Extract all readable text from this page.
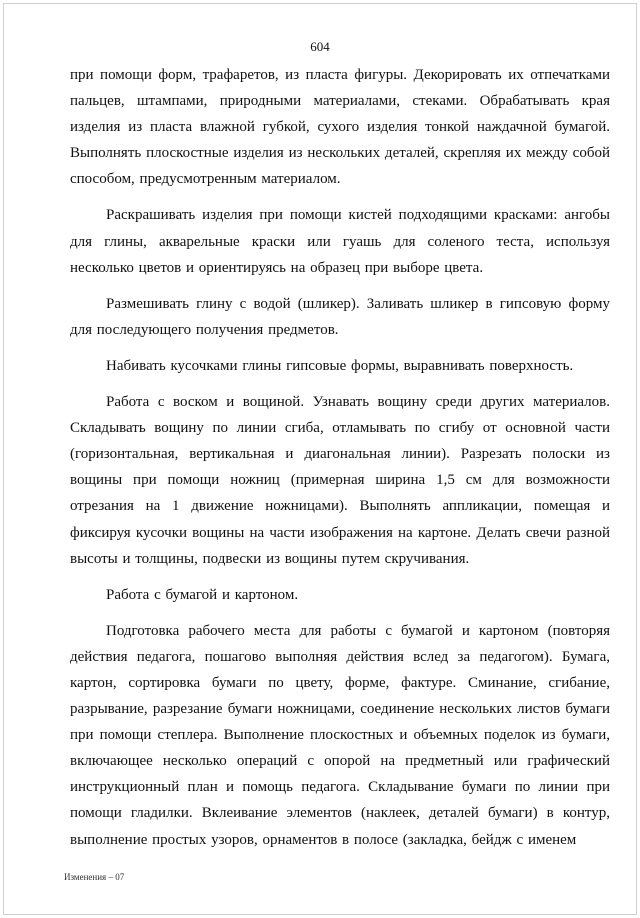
604

при помощи форм, трафаретов, из пласта фигуры. Декорировать их отпечатками пальцев, штампами, природными материалами, стеками. Обрабатывать края изделия из пласта влажной губкой, сухого изделия тонкой наждачной бумагой. Выполнять плоскостные изделия из нескольких деталей, скрепляя их между собой способом, предусмотренным материалом.

Раскрашивать изделия при помощи кистей подходящими красками: ангобы для глины, акварельные краски или гуашь для соленого теста, используя несколько цветов и ориентируясь на образец при выборе цвета.

Размешивать глину с водой (шликер). Заливать шликер в гипсовую форму для последующего получения предметов.

Набивать кусочками глины гипсовые формы, выравнивать поверхность.

Работа с воском и вощиной. Узнавать вощину среди других материалов. Складывать вощину по линии сгиба, отламывать по сгибу от основной части (горизонтальная, вертикальная и диагональная линии). Разрезать полоски из вощины при помощи ножниц (примерная ширина 1,5 см для возможности отрезания на 1 движение ножницами). Выполнять аппликации, помещая и фиксируя кусочки вощины на части изображения на картоне. Делать свечи разной высоты и толщины, подвески из вощины путем скручивания.

Работа с бумагой и картоном.

Подготовка рабочего места для работы с бумагой и картоном (повторяя действия педагога, пошагово выполняя действия вслед за педагогом). Бумага, картон, сортировка бумаги по цвету, форме, фактуре. Сминание, сгибание, разрывание, разрезание бумаги ножницами, соединение нескольких листов бумаги при помощи степлера. Выполнение плоскостных и объемных поделок из бумаги, включающее несколько операций с опорой на предметный или графический инструкционный план и помощь педагога. Складывание бумаги по линии при помощи гладилки. Вклеивание элементов (наклеек, деталей бумаги) в контур, выполнение простых узоров, орнаментов в полосе (закладка, бейдж с именем

Изменения – 07
